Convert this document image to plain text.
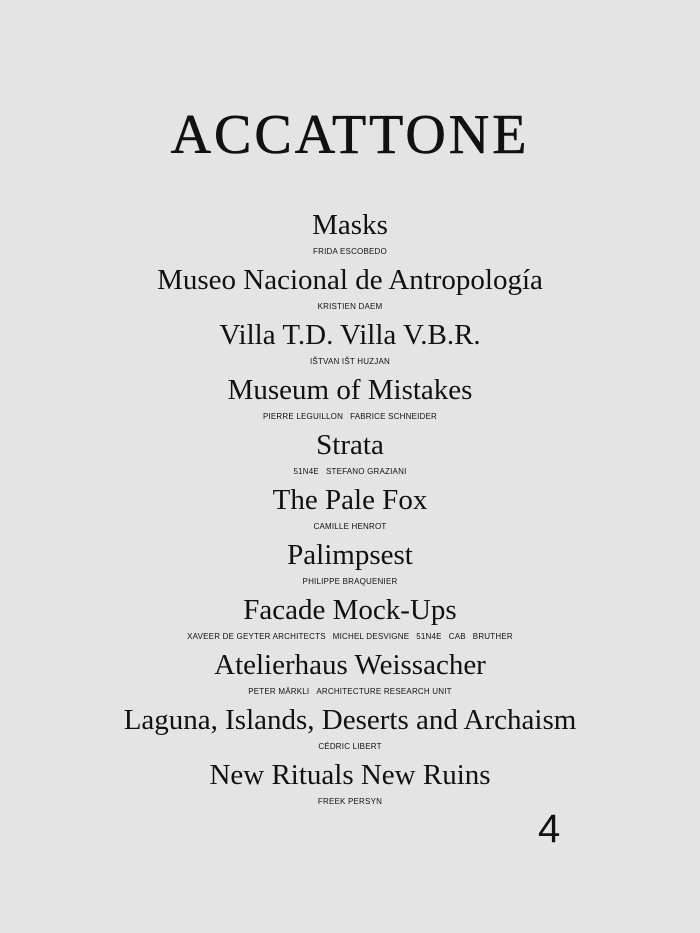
ACCATTONE
Masks
FRIDA ESCOBEDO
Museo Nacional de Antropología
KRISTIEN DAEM
Villa T.D. Villa V.B.R.
IŠTVAN IŠT HUZJAN
Museum of Mistakes
PIERRE LEGUILLON FABRICE SCHNEIDER
Strata
51N4E STEFANO GRAZIANI
The Pale Fox
CAMILLE HENROT
Palimpsest
PHILIPPE BRAQUENIER
Facade Mock-Ups
XAVEER DE GEYTER ARCHITECTS MICHEL DESVIGNE 51N4E CAB BRUTHER
Atelierhaus Weissacher
PETER MÄRKLI ARCHITECTURE RESEARCH UNIT
Laguna, Islands, Deserts and Archaism
CÉDRIC LIBERT
New Rituals New Ruins
FREEK PERSYN
4
